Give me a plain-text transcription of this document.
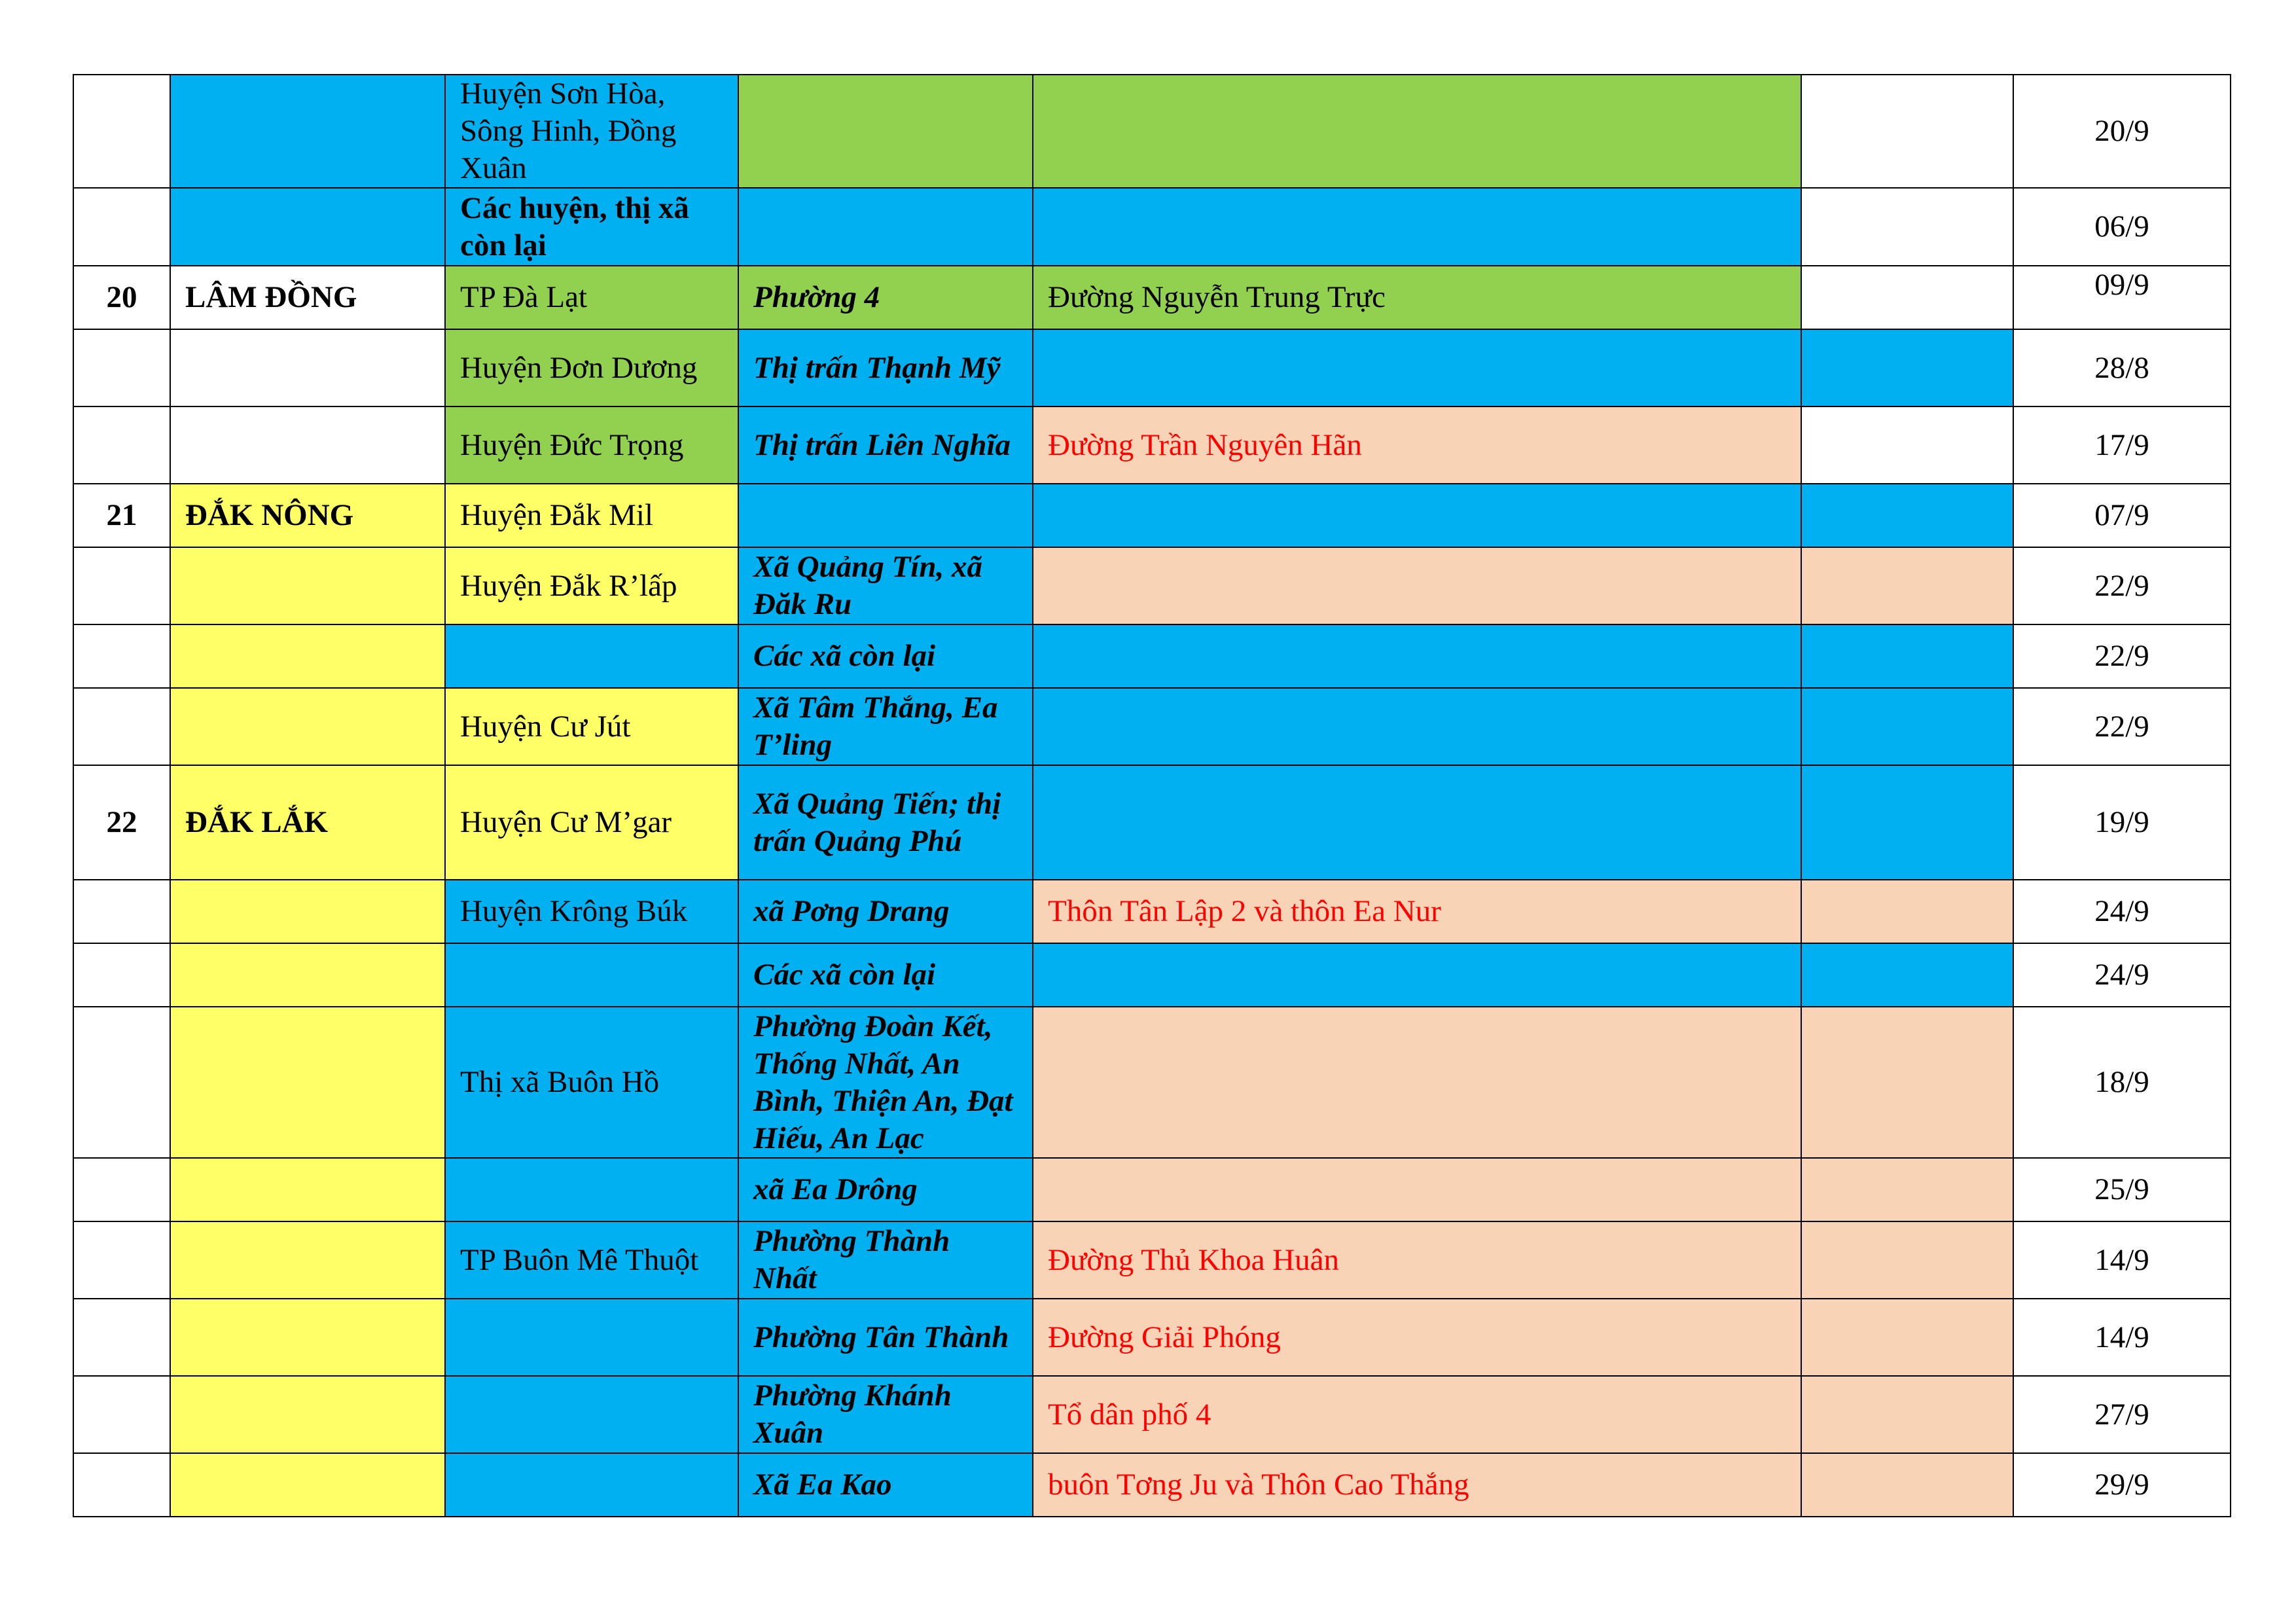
		Huyện Sơn Hòa, Sông Hinh, Đồng Xuân				20/9
		Các huyện, thị xã còn lại				06/9
20	LÂM ĐỒNG	TP Đà Lạt	Phường 4	Đường Nguyễn Trung Trực		09/9
		Huyện Đơn Dương	Thị trấn Thạnh Mỹ			28/8
		Huyện Đức Trọng	Thị trấn Liên Nghĩa	Đường Trần Nguyên Hãn		17/9
21	ĐẮK NÔNG	Huyện Đắk Mil				07/9
		Huyện Đắk R’lấp	Xã Quảng Tín, xã Đăk Ru			22/9
			Các xã còn lại			22/9
		Huyện Cư Jút	Xã Tâm Thắng, Ea T’ling			22/9
22	ĐẮK LẮK	Huyện Cư M’gar	Xã Quảng Tiến; thị trấn Quảng Phú			19/9
		Huyện Krông Búk	xã Pơng Drang	Thôn Tân Lập 2 và thôn Ea Nur		24/9
			Các xã còn lại			24/9
		Thị xã Buôn Hồ	Phường Đoàn Kết, Thống Nhất, An Bình, Thiện An, Đạt Hiếu, An Lạc			18/9
			xã Ea Drông			25/9
		TP Buôn Mê Thuột	Phường Thành Nhất	Đường Thủ Khoa Huân		14/9
			Phường Tân Thành	Đường Giải Phóng		14/9
			Phường Khánh Xuân	Tổ dân phố 4		27/9
			Xã Ea Kao	buôn Tơng Ju và Thôn Cao Thắng		29/9
